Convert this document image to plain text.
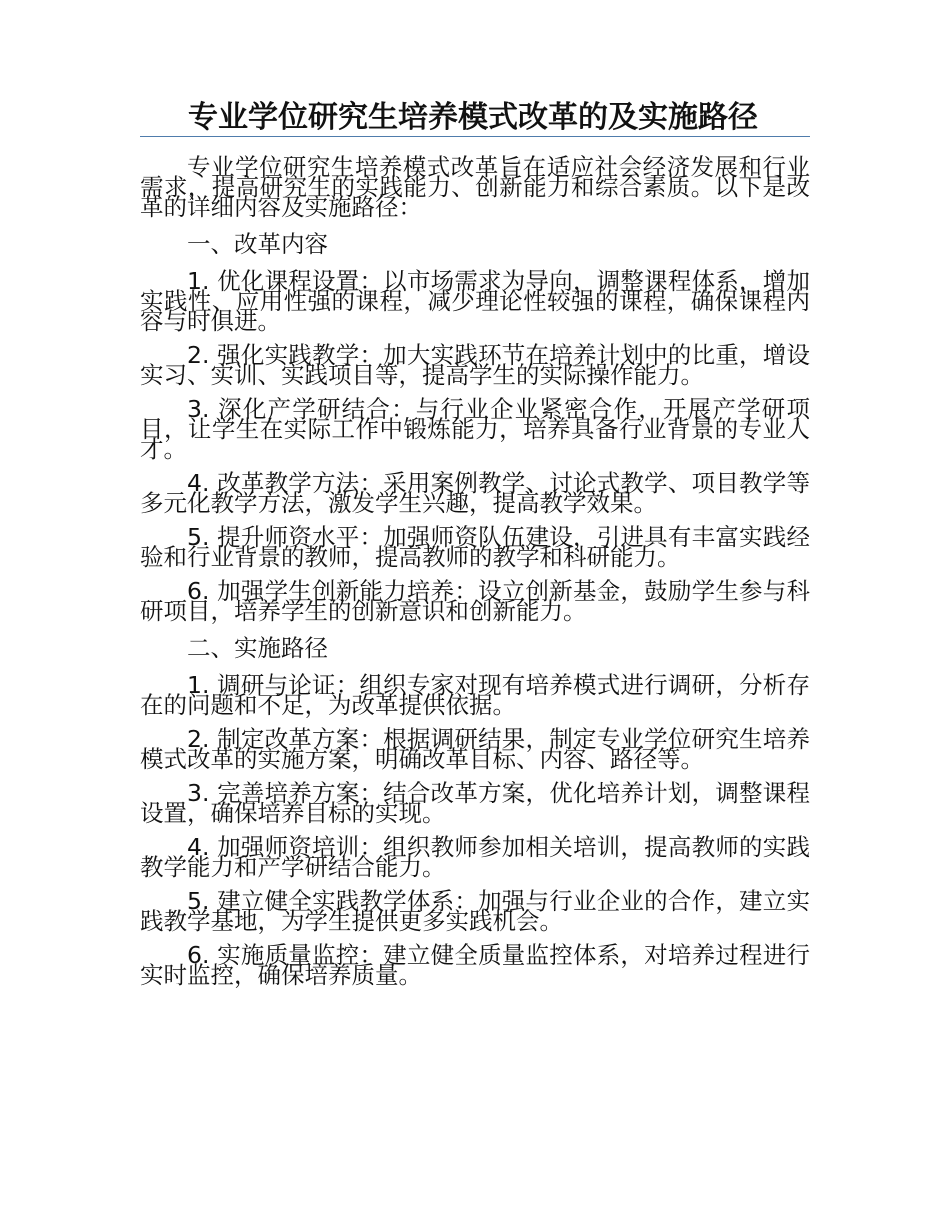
专业学位研究生培养模式改革的及实施路径

专业学位研究生培养模式改革旨在适应社会经济发展和行业需求，提高研究生的实践能力、创新能力和综合素质。以下是改革的详细内容及实施路径：

一、改革内容

1. 优化课程设置：以市场需求为导向，调整课程体系，增加实践性、应用性强的课程，减少理论性较强的课程，确保课程内容与时俱进。

2. 强化实践教学：加大实践环节在培养计划中的比重，增设实习、实训、实践项目等，提高学生的实际操作能力。

3. 深化产学研结合：与行业企业紧密合作，开展产学研项目，让学生在实际工作中锻炼能力，培养具备行业背景的专业人才。

4. 改革教学方法：采用案例教学、讨论式教学、项目教学等多元化教学方法，激发学生兴趣，提高教学效果。

5. 提升师资水平：加强师资队伍建设，引进具有丰富实践经验和行业背景的教师，提高教师的教学和科研能力。

6. 加强学生创新能力培养：设立创新基金，鼓励学生参与科研项目，培养学生的创新意识和创新能力。

二、实施路径

1. 调研与论证：组织专家对现有培养模式进行调研，分析存在的问题和不足，为改革提供依据。

2. 制定改革方案：根据调研结果，制定专业学位研究生培养模式改革的实施方案，明确改革目标、内容、路径等。

3. 完善培养方案：结合改革方案，优化培养计划，调整课程设置，确保培养目标的实现。

4. 加强师资培训：组织教师参加相关培训，提高教师的实践教学能力和产学研结合能力。

5. 建立健全实践教学体系：加强与行业企业的合作，建立实践教学基地，为学生提供更多实践机会。

6. 实施质量监控：建立健全质量监控体系，对培养过程进行实时监控，确保培养质量。
